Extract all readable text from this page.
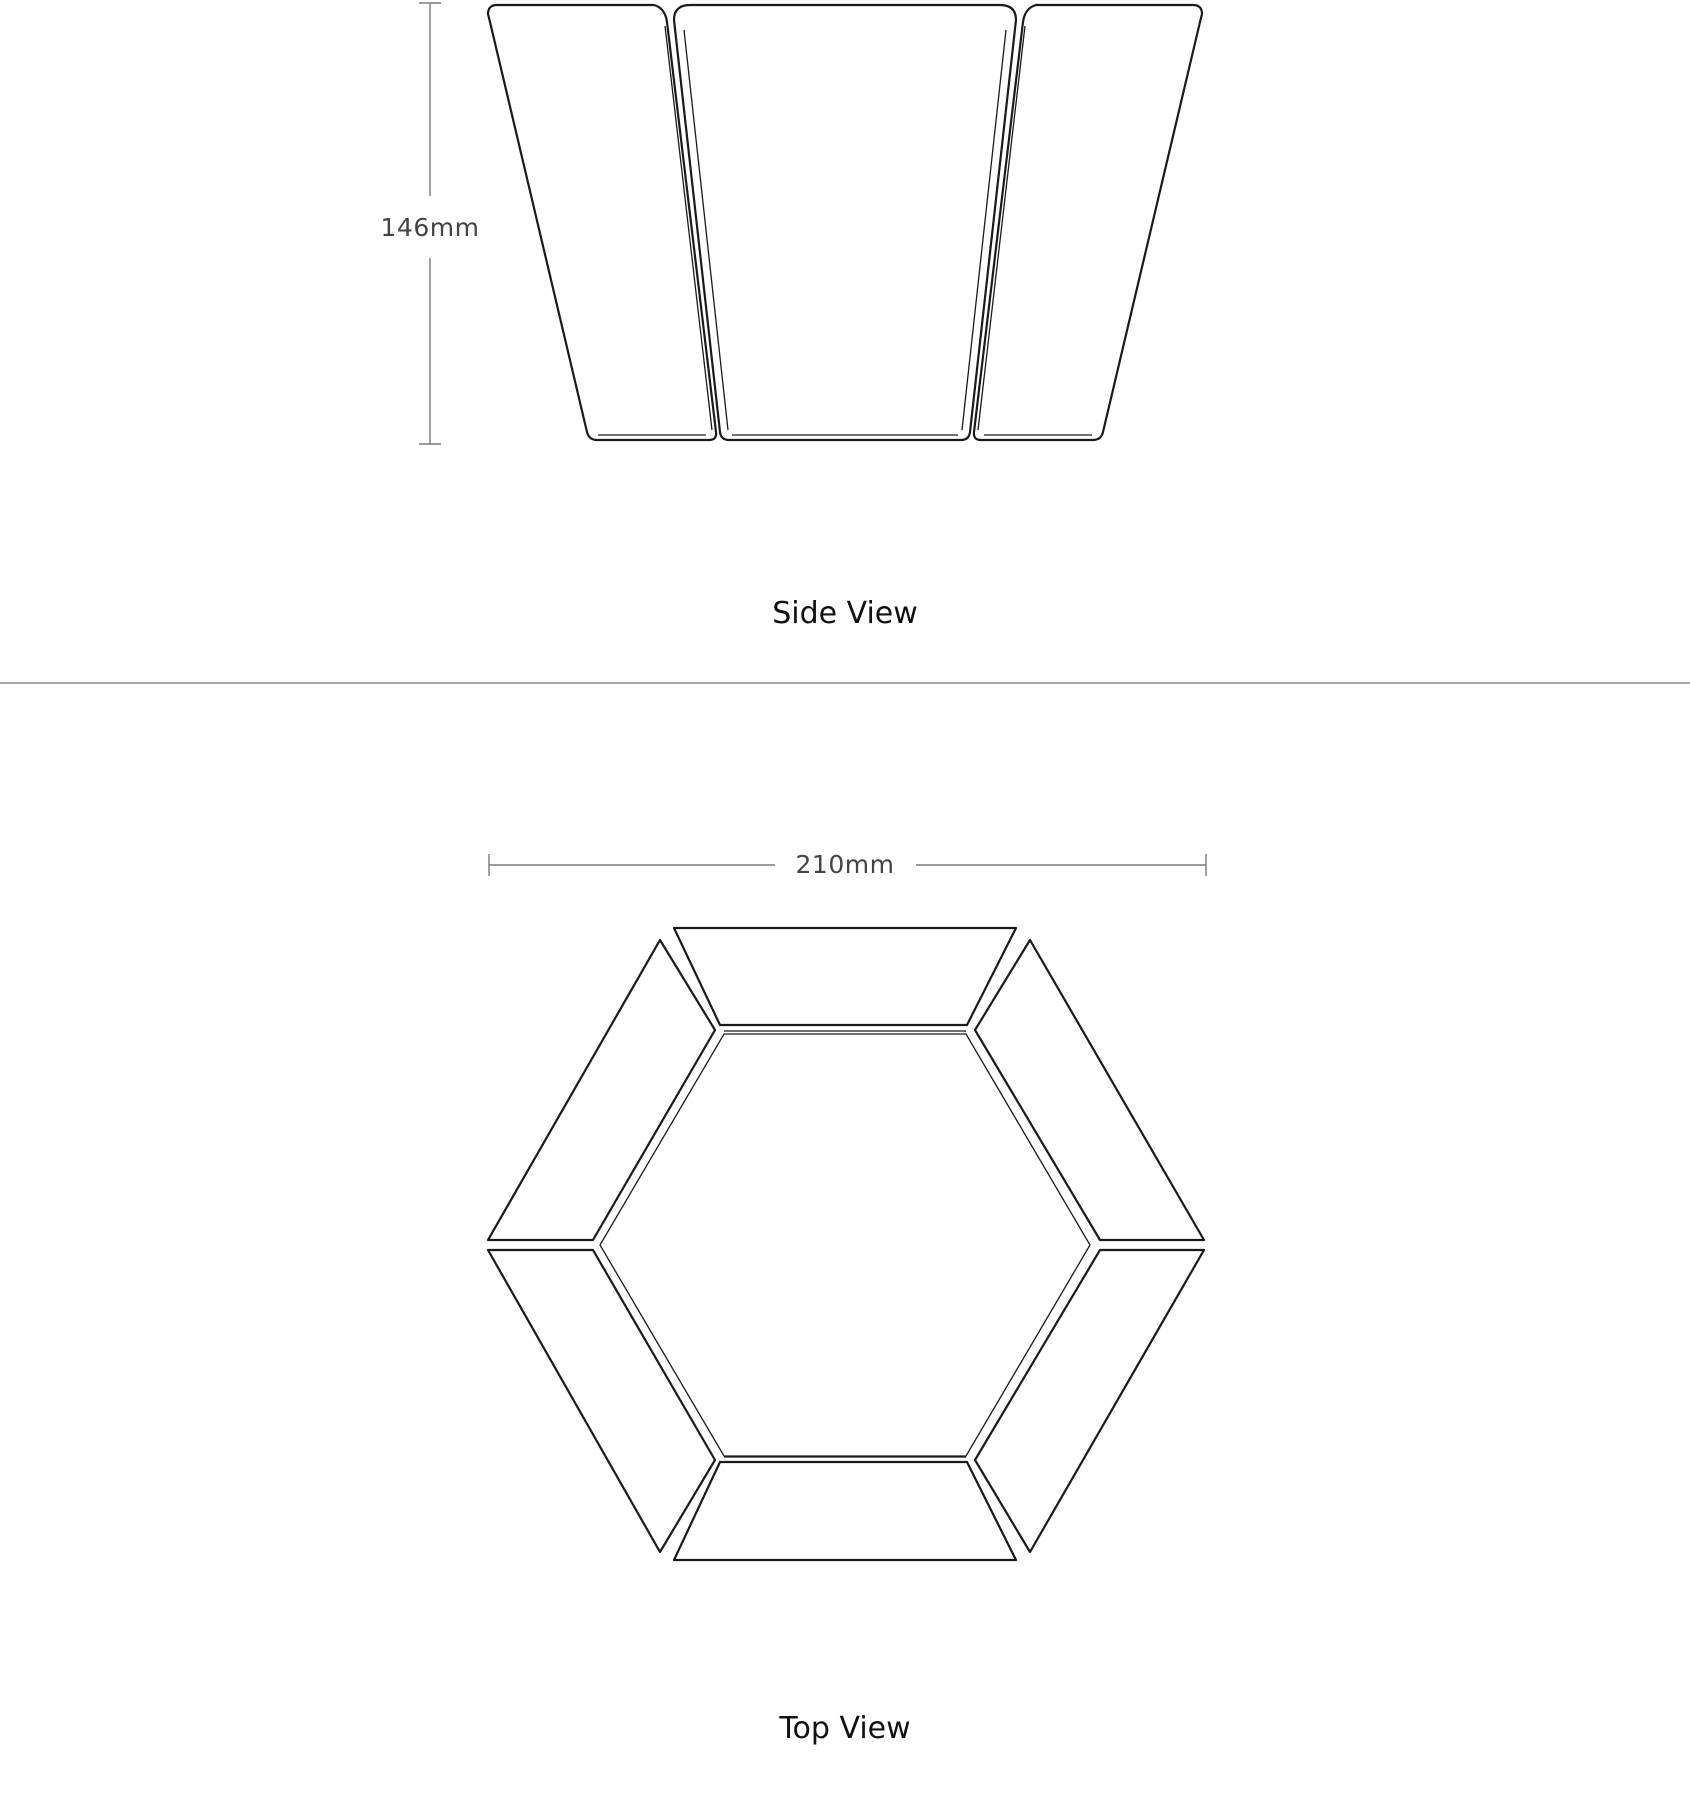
146mm
Side View
210mm
Top View
